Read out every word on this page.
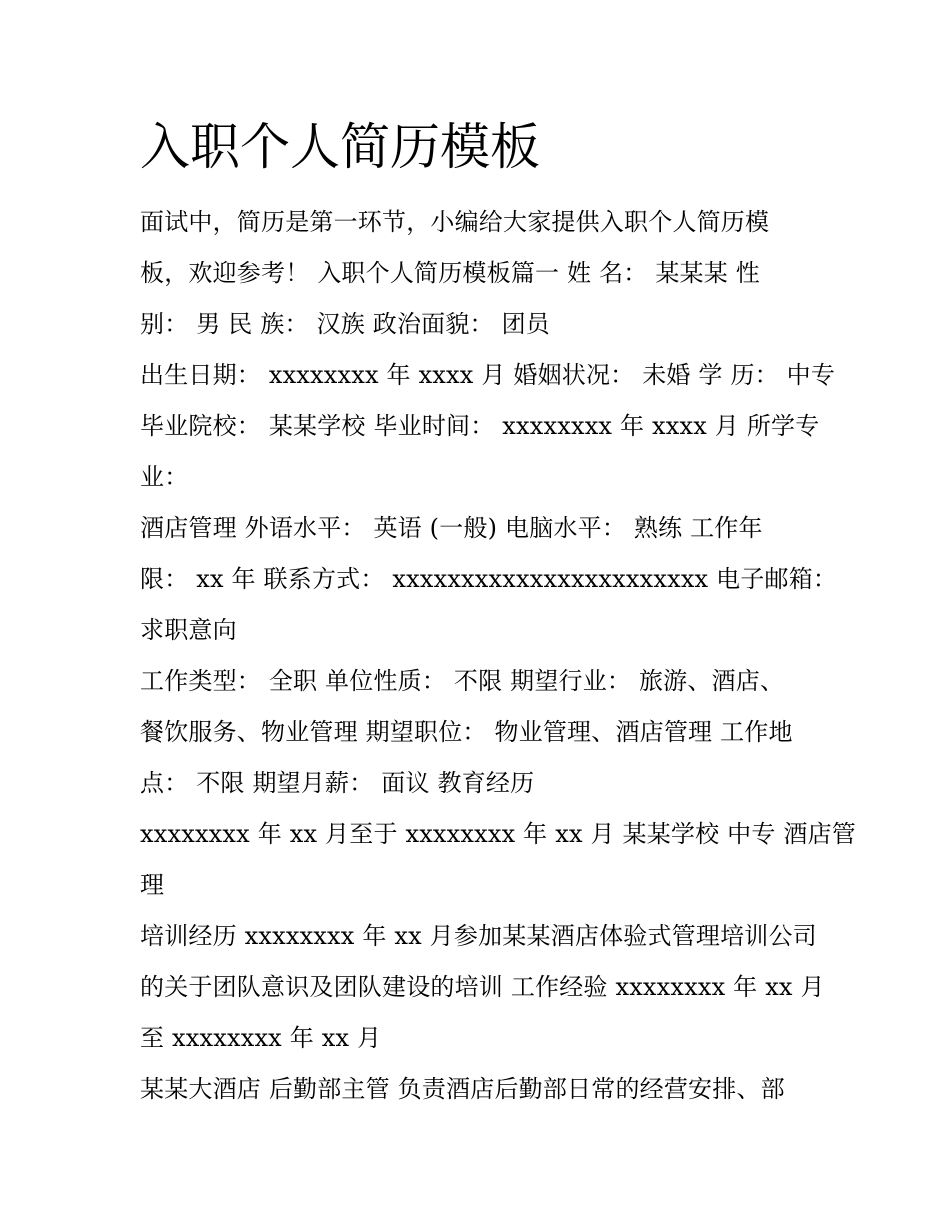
入职个人简历模板

面试中，简历是第一环节，小编给大家提供入职个人简历模

板，欢迎参考！ 入职个人简历模板篇一 姓 名： 某某某 性

别： 男 民 族： 汉族 政治面貌： 团员

出生日期： xxxxxxxx 年 xxxx 月 婚姻状况： 未婚 学 历： 中专

毕业院校： 某某学校 毕业时间： xxxxxxxx 年 xxxx 月 所学专

业：

酒店管理 外语水平： 英语 (一般) 电脑水平： 熟练 工作年

限： xx 年 联系方式： xxxxxxxxxxxxxxxxxxxxxxx 电子邮箱：

求职意向

工作类型： 全职 单位性质： 不限 期望行业： 旅游、酒店、

餐饮服务、物业管理 期望职位： 物业管理、酒店管理 工作地

点： 不限 期望月薪： 面议 教育经历

xxxxxxxx 年 xx 月至于 xxxxxxxx 年 xx 月 某某学校 中专 酒店管

理

培训经历 xxxxxxxx 年 xx 月参加某某酒店体验式管理培训公司

的关于团队意识及团队建设的培训 工作经验 xxxxxxxx 年 xx 月

至 xxxxxxxx 年 xx 月

某某大酒店 后勤部主管 负责酒店后勤部日常的经营安排、部
